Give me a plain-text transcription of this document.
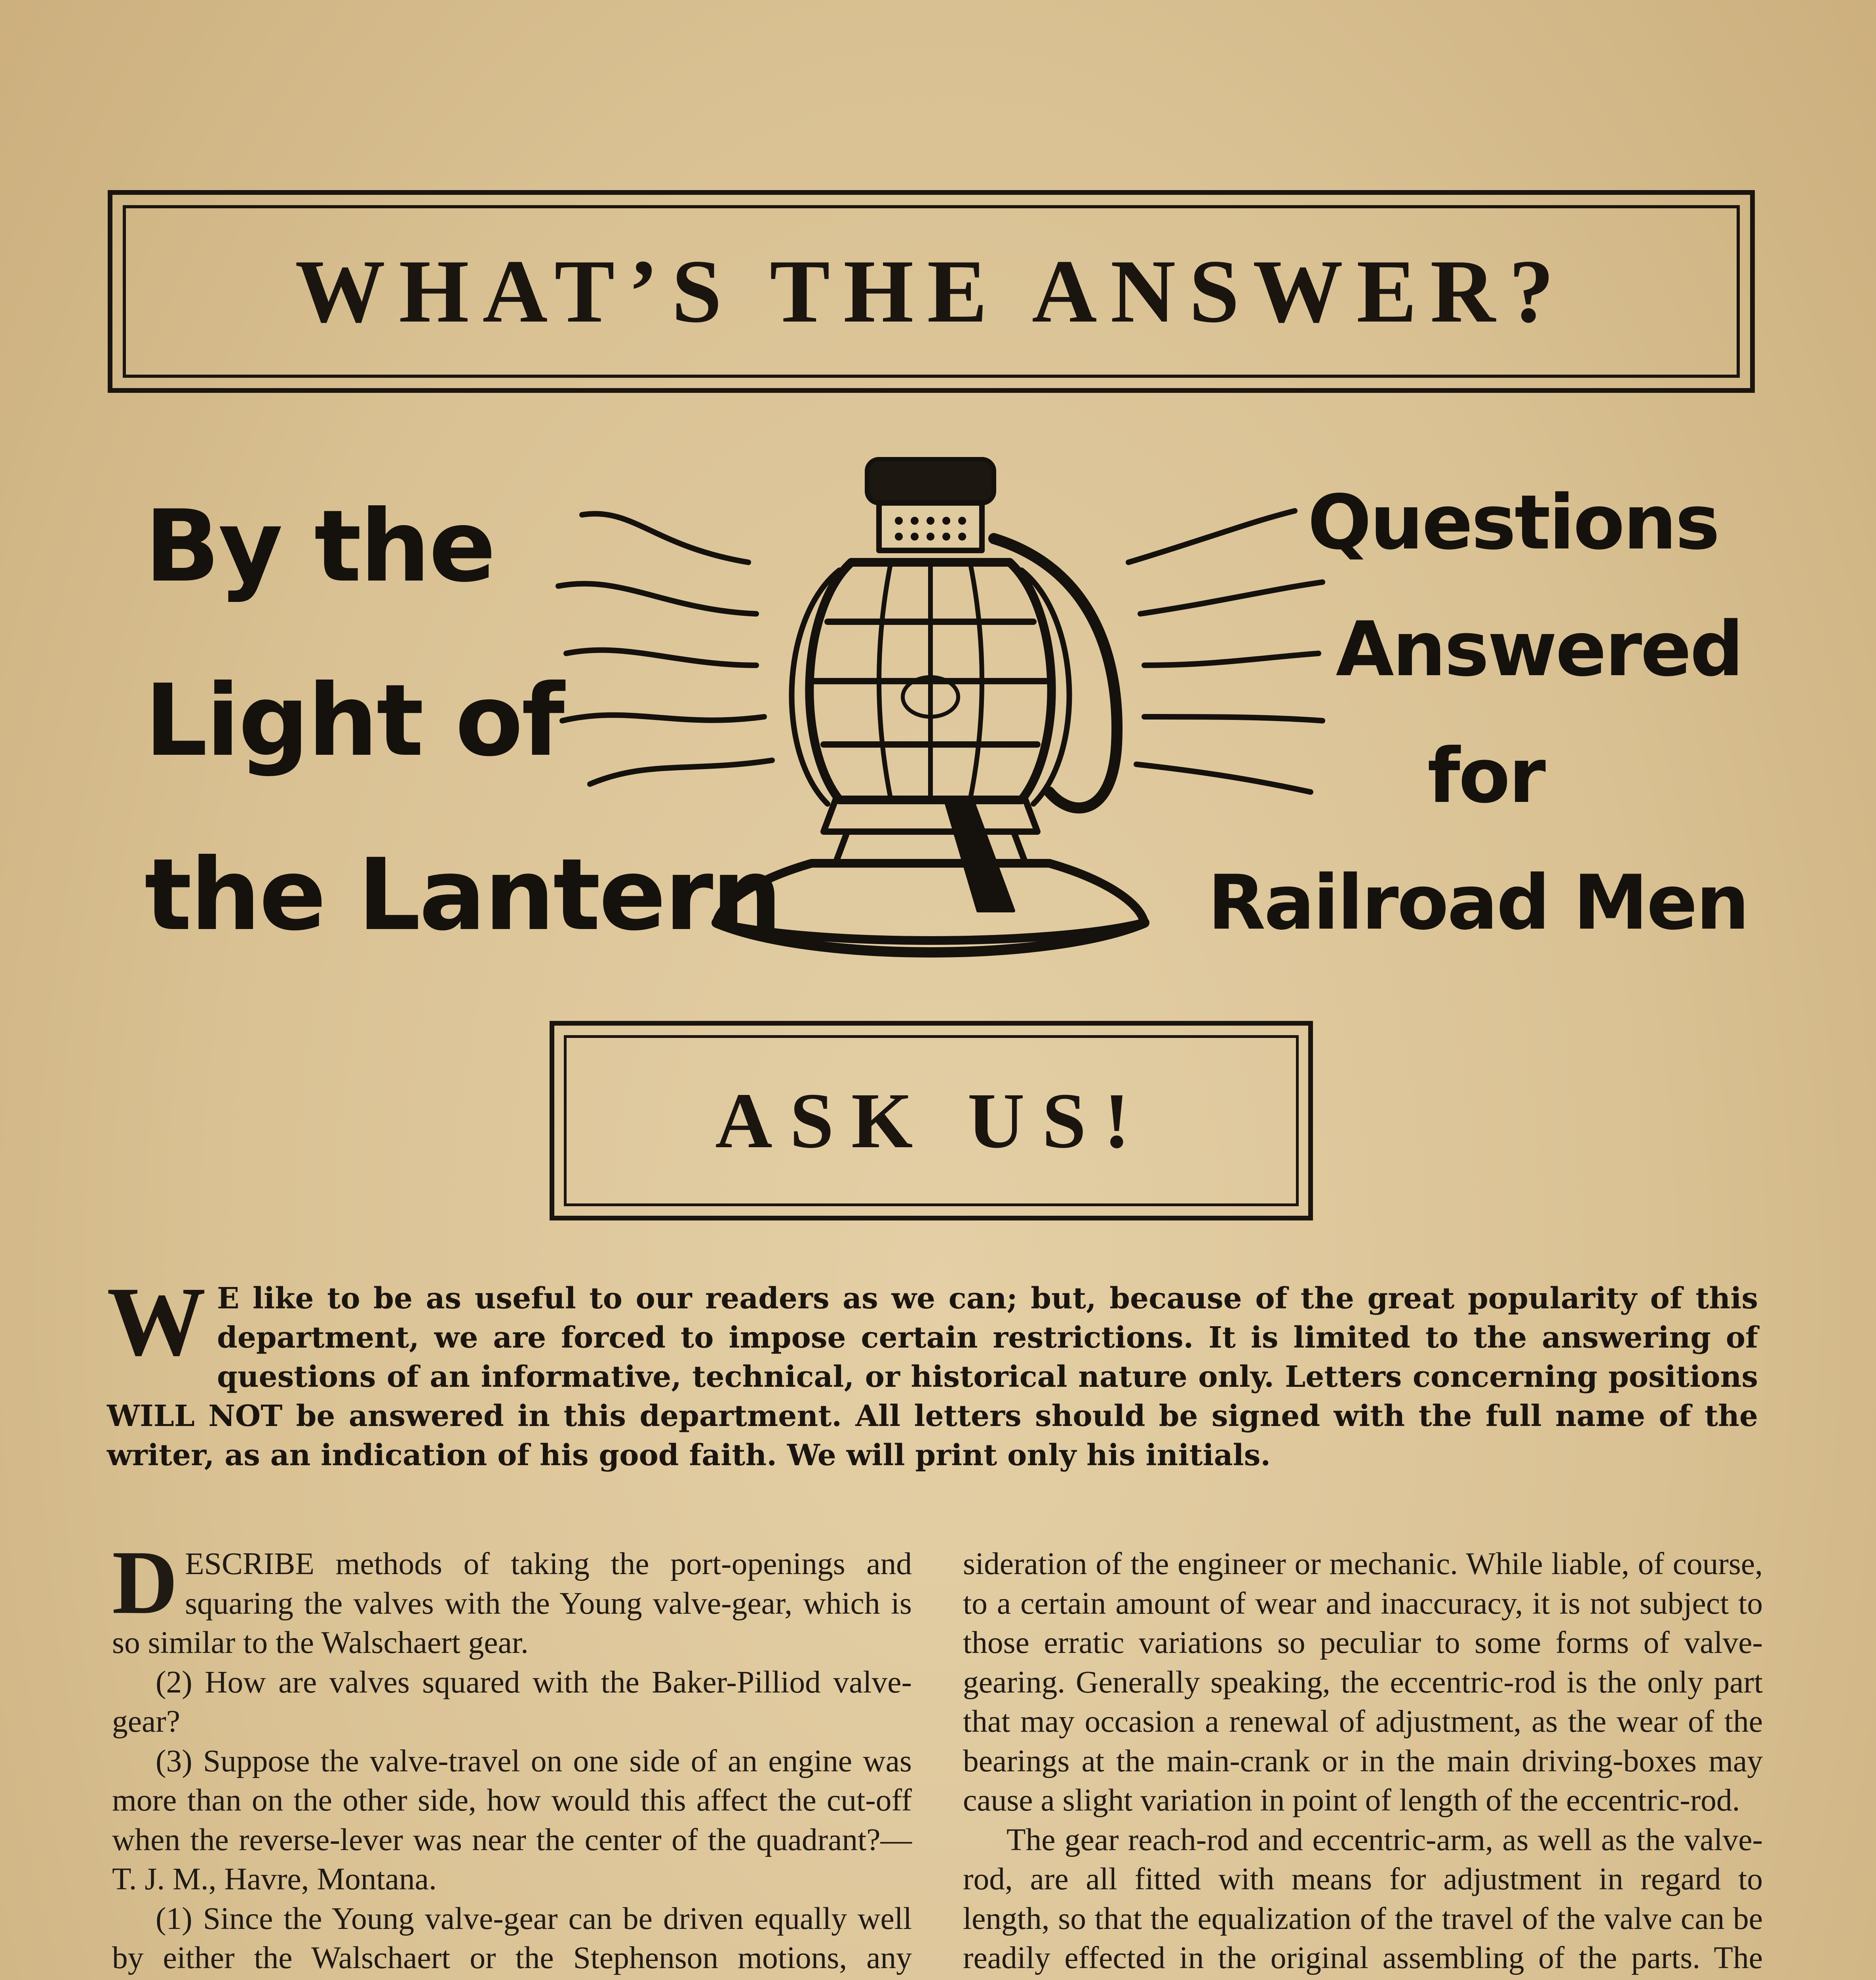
WHAT’S THE ANSWER?
By the
Light of
the Lantern
Questions
Answered
for
Railroad Men
ASK US!
W E like to be as useful to our readers as we can; but, because of the great popularity of this department, we are forced to impose certain restrictions. It is limited to the answering of questions of an informative, technical, or historical nature only. Letters concerning positions WILL NOT be answered in this department. All letters should be signed with the full name of the writer, as an indication of his good faith. We will print only his initials.

DESCRIBE methods of taking the port-openings and squaring the valves with the Young valve-gear, which is so similar to the Walschaert gear.

(2) How are valves squared with the Baker-Pilliod valve-gear?

(3) Suppose the valve-travel on one side of an engine was more than on the other side, how would this affect the cut-off when the reverse-lever was near the center of the quadrant?—T. J. M., Havre, Montana.

(1) Since the Young valve-gear can be driven equally well by either the Walschaert or the Stephenson motions, any

sideration of the engineer or mechanic. While liable, of course, to a certain amount of wear and inaccuracy, it is not subject to those erratic variations so peculiar to some forms of valve-gearing. Generally speaking, the eccentric-rod is the only part that may occasion a renewal of adjustment, as the wear of the bearings at the main-crank or in the main driving-boxes may cause a slight variation in point of length of the eccentric-rod.

The gear reach-rod and eccentric-arm, as well as the valve-rod, are all fitted with means for adjustment in regard to length, so that the equalization of the travel of the valve can be readily effected in the original assembling of the parts. The
